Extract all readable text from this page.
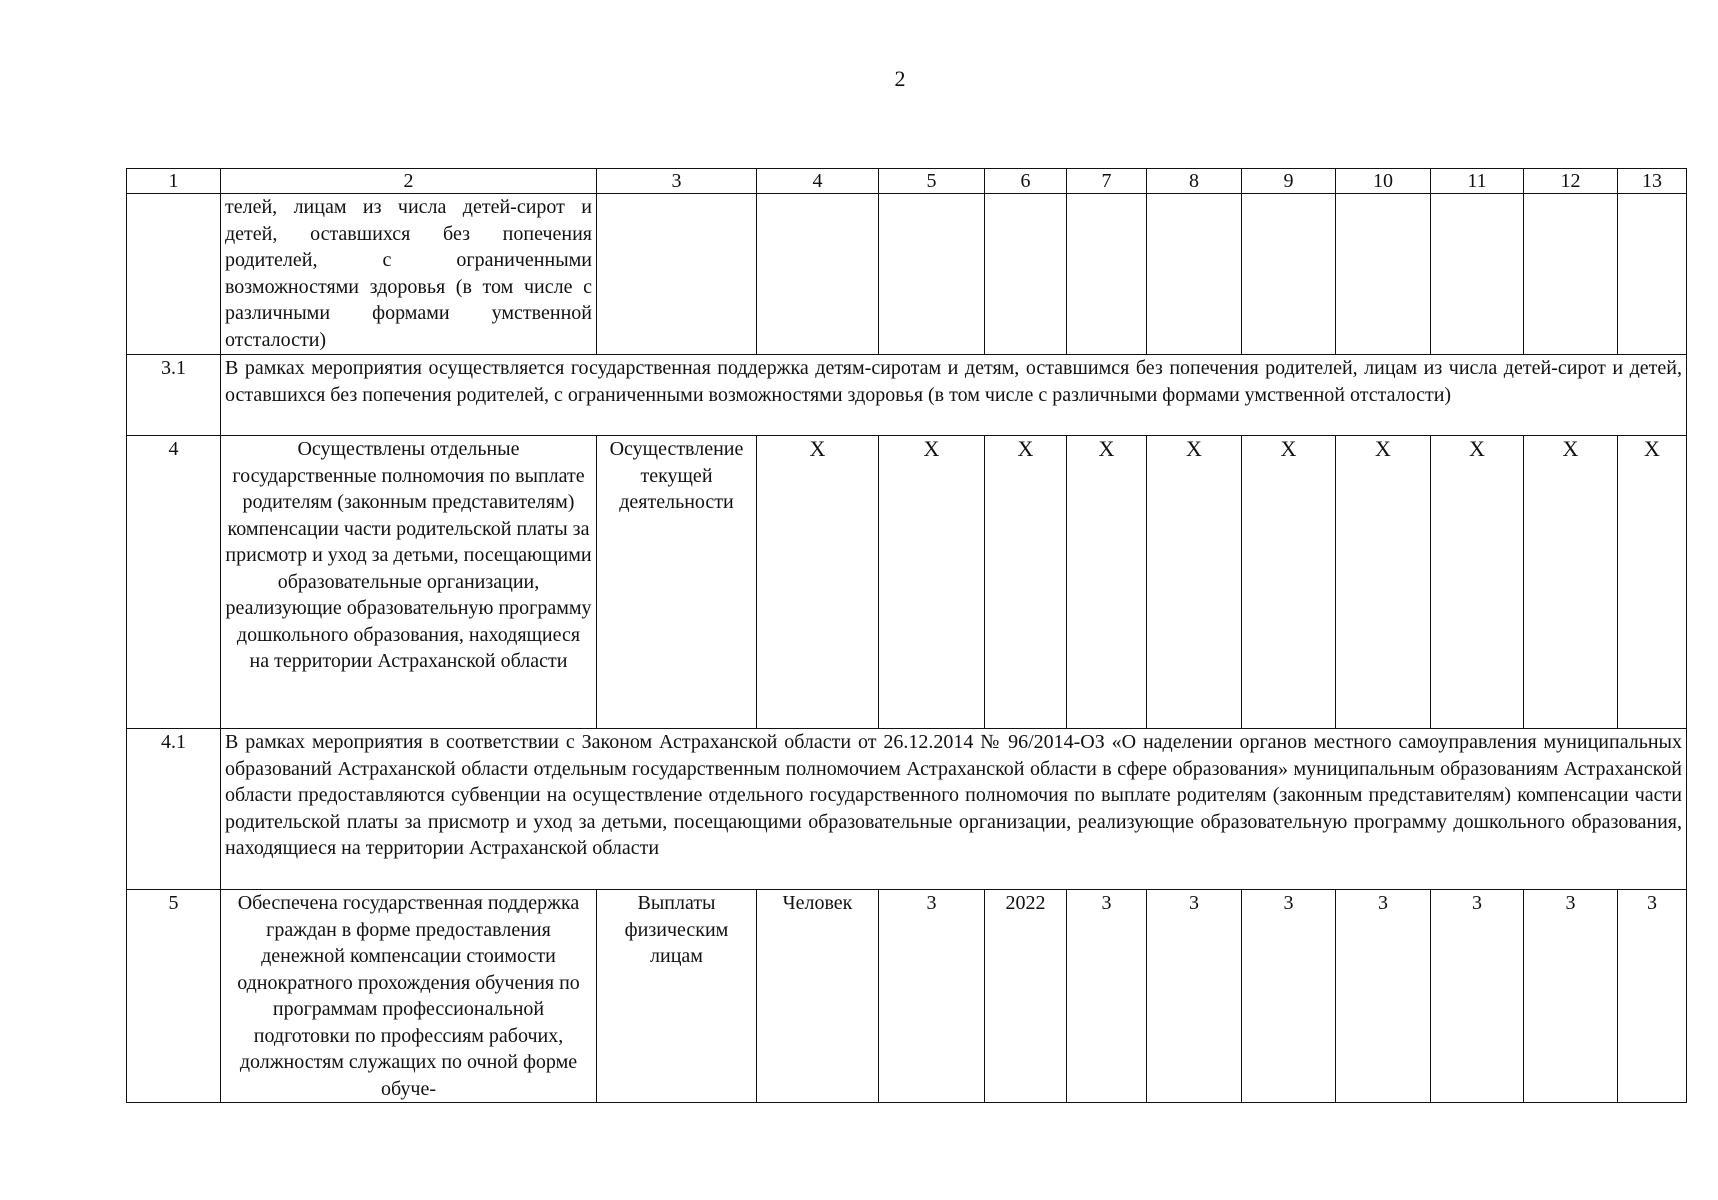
2
1	2	3	4	5	6	7	8	9	10	11	12	13
	телей, лицам из числа детей-сирот и детей, оставшихся без попечения родителей, с ограниченными возможностями здоровья (в том числе с различными формами умственной отсталости)											
3.1	В рамках мероприятия осуществляется государственная поддержка детям-сиротам и детям, оставшимся без попечения родителей, лицам из числа детей-сирот и детей, оставшихся без попечения родителей, с ограниченными возможностями здоровья (в том числе с различными формами умственной отсталости)											
4	Осуществлены отдельные государственные полномочия по выплате родителям (законным представителям) компенсации части родительской платы за присмотр и уход за детьми, посещающими образовательные организации, реализующие образовательную программу дошкольного образования, находящиеся на территории Астраханской области	Осуществление текущей деятельности	X	X	X	X	X	X	X	X	X	X
4.1	В рамках мероприятия в соответствии с Законом Астраханской области от 26.12.2014 № 96/2014-ОЗ «О наделении органов местного самоуправления муниципальных образований Астраханской области отдельным государственным полномочием Астраханской области в сфере образования» муниципальным образованиям Астраханской области предоставляются субвенции на осуществление отдельного государственного полномочия по выплате родителям (законным представителям) компенсации части родительской платы за присмотр и уход за детьми, посещающими образовательные организации, реализующие образовательную программу дошкольного образования, находящиеся на территории Астраханской области											
5	Обеспечена государственная поддержка граждан в форме предоставления денежной компенсации стоимости однократного прохождения обучения по программам профессиональной подготовки по профессиям рабочих, должностям служащих по очной форме обуче-	Выплаты физическим лицам	Человек	3	2022	3	3	3	3	3	3	3
